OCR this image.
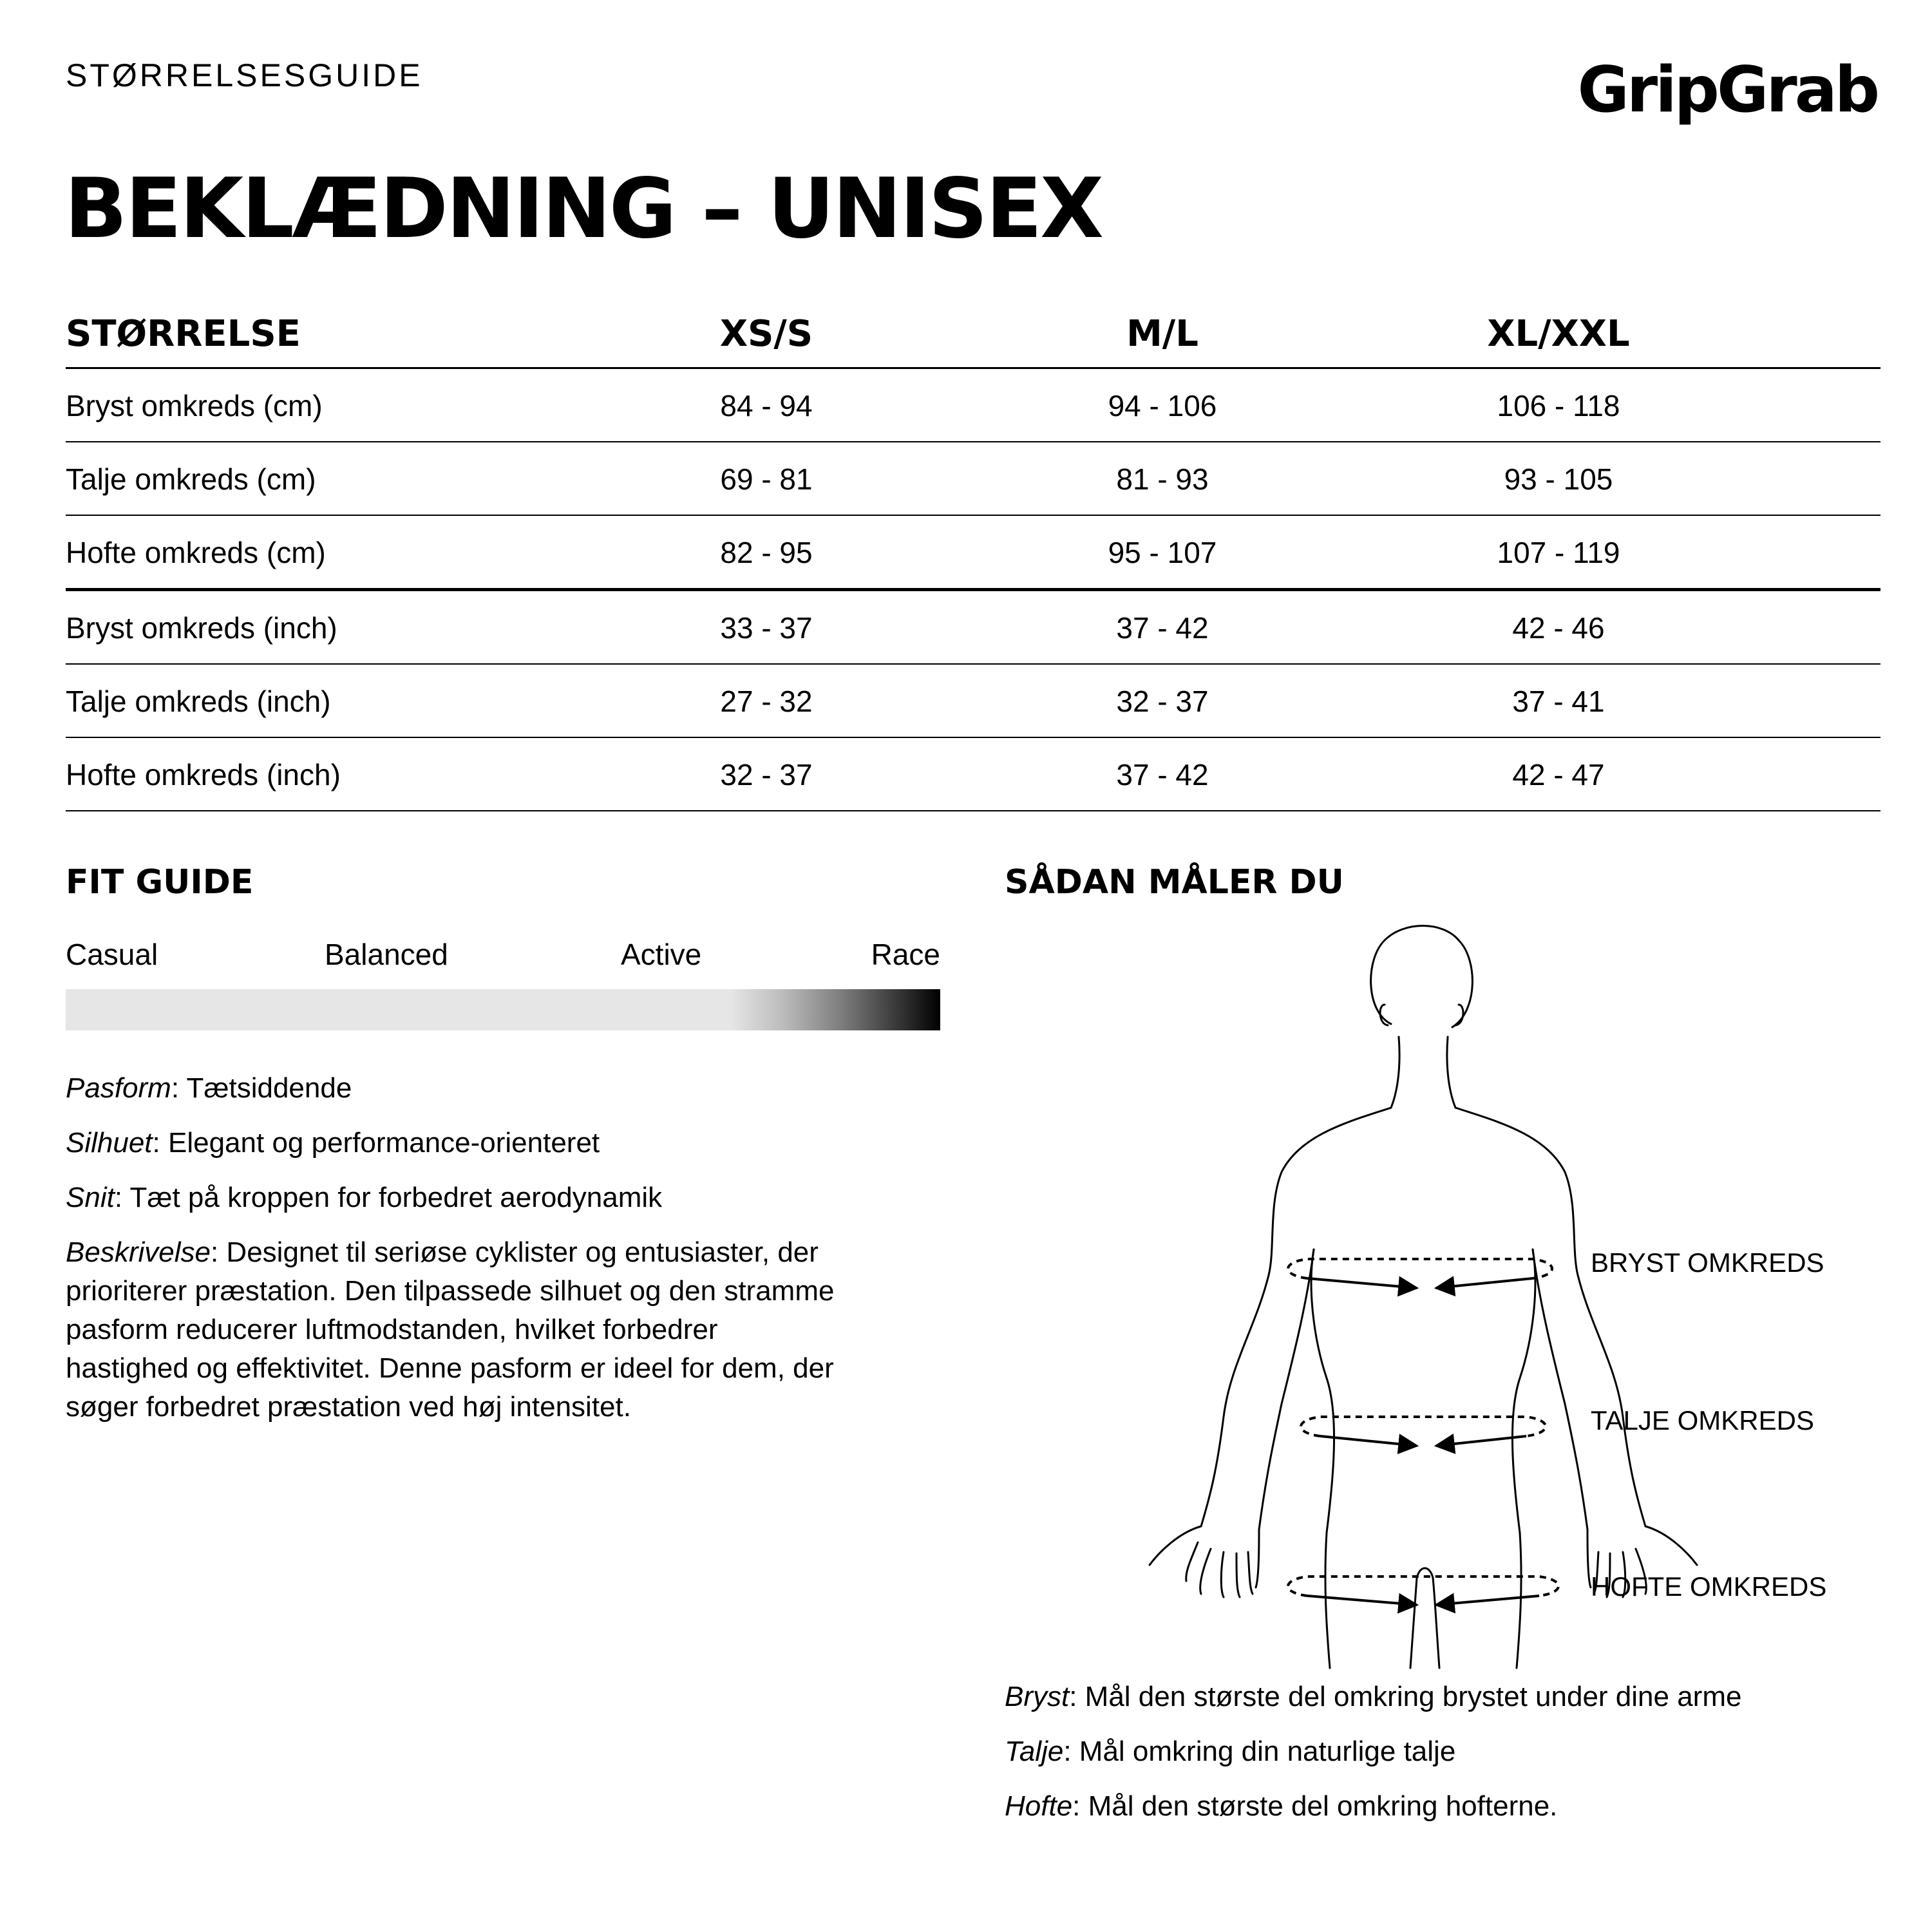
STØRRELSESGUIDE	GripGrab
BEKLÆDNING – UNISEX
STØRRELSE	XS/S	M/L	XL/XXL
Bryst omkreds (cm)	84 - 94	94 - 106	106 - 118
Talje omkreds (cm)	69 - 81	81 - 93	93 - 105
Hofte omkreds (cm)	82 - 95	95 - 107	107 - 119
Bryst omkreds (inch)	33 - 37	37 - 42	42 - 46
Talje omkreds (inch)	27 - 32	32 - 37	37 - 41
Hofte omkreds (inch)	32 - 37	37 - 42	42 - 47
FIT GUIDE
Casual	Balanced	Active	Race
Pasform: Tætsiddende
Silhuet: Elegant og performance-orienteret
Snit: Tæt på kroppen for forbedret aerodynamik
Beskrivelse: Designet til seriøse cyklister og entusiaster, der
prioriterer præstation. Den tilpassede silhuet og den stramme
pasform reducerer luftmodstanden, hvilket forbedrer
hastighed og effektivitet. Denne pasform er ideel for dem, der
søger forbedret præstation ved høj intensitet.
SÅDAN MÅLER DU
BRYST OMKREDS
TALJE OMKREDS
HOFTE OMKREDS
Bryst: Mål den største del omkring brystet under dine arme
Talje: Mål omkring din naturlige talje
Hofte: Mål den største del omkring hofterne.
